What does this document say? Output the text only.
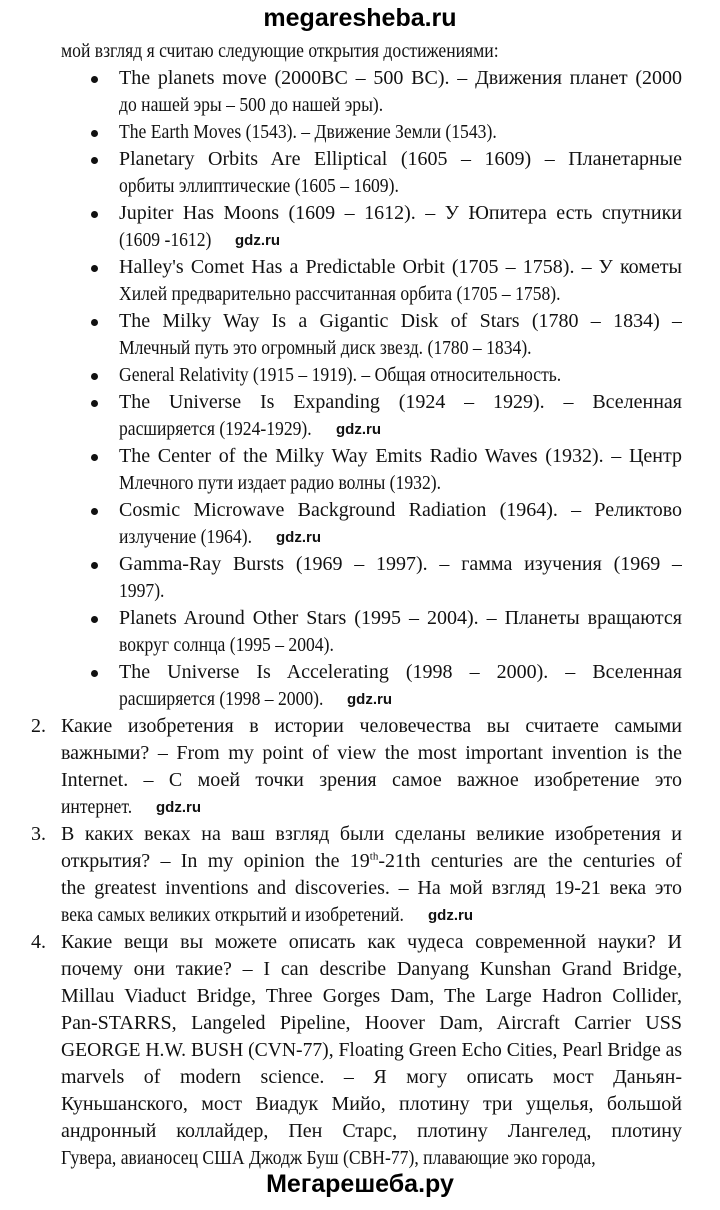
megaresheba.ru
мой взгляд я считаю следующие открытия достижениями:
The planets move (2000BC – 500 BC). – Движения планет (2000
до нашей эры – 500 до нашей эры).
The Earth Moves (1543). – Движение Земли (1543).
Planetary Orbits Are Elliptical (1605 – 1609) – Планетарные
орбиты эллиптические (1605 – 1609).
Jupiter Has Moons (1609 – 1612). – У Юпитера есть спутники
(1609 -1612)
Halley's Comet Has a Predictable Orbit (1705 – 1758). – У кометы
Хилей предварительно рассчитанная орбита (1705 – 1758).
The Milky Way Is a Gigantic Disk of Stars (1780 – 1834) –
Млечный путь это огромный диск звезд. (1780 – 1834).
General Relativity (1915 – 1919). – Общая относительность.
The Universe Is Expanding (1924 – 1929). – Вселенная
расширяется (1924-1929).
The Center of the Milky Way Emits Radio Waves (1932). – Центр
Млечного пути издает радио волны (1932).
Cosmic Microwave Background Radiation (1964). – Реликтово
излучение (1964).
Gamma-Ray Bursts (1969 – 1997). – гамма изучения (1969 –
1997).
Planets Around Other Stars (1995 – 2004). – Планеты вращаются
вокруг солнца (1995 – 2004).
The Universe Is Accelerating (1998 – 2000). – Вселенная
расширяется (1998 – 2000).
2. Какие изобретения в истории человечества вы считаете самыми
важными? – From my point of view the most important invention is the
Internet. – С моей точки зрения самое важное изобретение это
интернет.
3. В каких веках на ваш взгляд были сделаны великие изобретения и
открытия? – In my opinion the 19th-21th centuries are the centuries of
the greatest inventions and discoveries. – На мой взгляд 19-21 века это
века самых великих открытий и изобретений.
4. Какие вещи вы можете описать как чудеса современной науки? И
почему они такие? – I can describe Danyang Kunshan Grand Bridge,
Millau Viaduct Bridge, Three Gorges Dam, The Large Hadron Collider,
Pan-STARRS, Langeled Pipeline, Hoover Dam, Aircraft Carrier USS
GEORGE H.W. BUSH (CVN-77), Floating Green Echo Cities, Pearl Bridge as
marvels of modern science. – Я могу описать мост Даньян-
Куньшанского, мост Виадук Мийо, плотину три ущелья, большой
андронный коллайдер, Пен Старс, плотину Лангелед, плотину
Гувера, авианосец США Джодж Буш (СВН-77), плавающие эко города,
gdz.ru
gdz.ru
gdz.ru
gdz.ru
gdz.ru
gdz.ru
Мегарешеба.ру
